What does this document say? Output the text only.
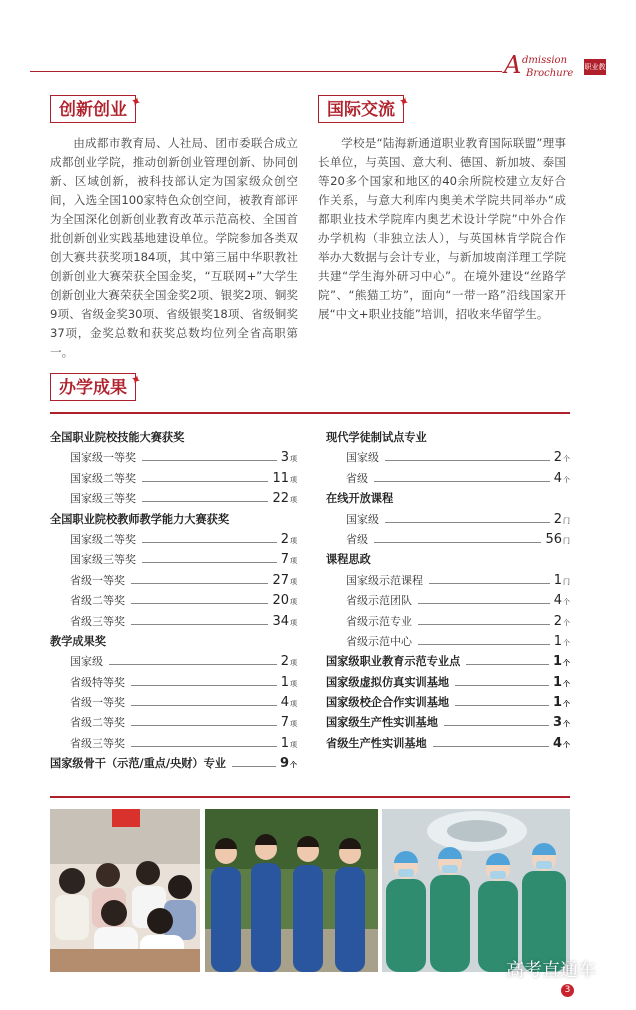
A dmission
Brochure
职业教育
创新创业 ✦	国际交流 ✦
由成都市教育局、人社局、团市委联合成立成都创业学院，推动创新创业管理创新、协同创新、区域创新，被科技部认定为国家级众创空间，入选全国100家特色众创空间，被教育部评为全国深化创新创业教育改革示范高校、全国首批创新创业实践基地建设单位。学院参加各类双创大赛共获奖项184项，其中第三届中华职教社创新创业大赛荣获全国金奖，“互联网+”大学生创新创业大赛荣获全国金奖2项、银奖2项、铜奖9项、省级金奖30项、省级银奖18项、省级铜奖37项，金奖总数和获奖总数均位列全省高职第一。
学校是“陆海新通道职业教育国际联盟”理事长单位，与英国、意大利、德国、新加坡、泰国等20多个国家和地区的40余所院校建立友好合作关系，与意大利库内奥美术学院共同举办“成都职业技术学院库内奥艺术设计学院”中外合作办学机构（非独立法人），与英国林肯学院合作举办大数据与会计专业，与新加坡南洋理工学院共建“学生海外研习中心”。在境外建设“丝路学院”、“熊猫工坊”，面向“一带一路”沿线国家开展“中文+职业技能”培训，招收来华留学生。
办学成果 ✦
全国职业院校技能大赛获奖
国家级一等奖	3项
国家级二等奖	11项
国家级三等奖	22项
全国职业院校教师教学能力大赛获奖
国家级二等奖	2项
国家级三等奖	7项
省级一等奖	27项
省级二等奖	20项
省级三等奖	34项
教学成果奖
国家级	2项
省级特等奖	1项
省级一等奖	4项
省级二等奖	7项
省级三等奖	1项
国家级骨干（示范/重点/央财）专业	9个
现代学徒制试点专业
国家级	2个
省级	4个
在线开放课程
国家级	2门
省级	56门
课程思政
国家级示范课程	1门
省级示范团队	4个
省级示范专业	2个
省级示范中心	1个
国家级职业教育示范专业点	1个
国家级虚拟仿真实训基地	1个
国家级校企合作实训基地	1个
国家级生产性实训基地	3个
省级生产性实训基地	4个
高考直通车
3
